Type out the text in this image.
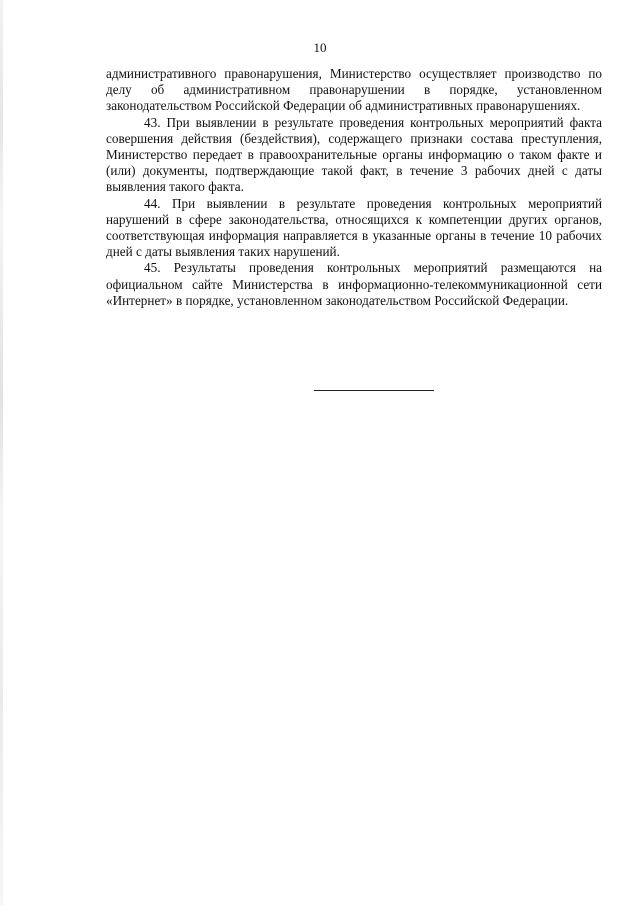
10

административного правонарушения, Министерство осуществляет производство по делу об административном правонарушении в порядке, установленном законодательством Российской Федерации об административных правонарушениях.

43. При выявлении в результате проведения контрольных мероприятий факта совершения действия (бездействия), содержащего признаки состава преступления, Министерство передает в правоохранительные органы информацию о таком факте и (или) документы, подтверждающие такой факт, в течение 3 рабочих дней с даты выявления такого факта.

44. При выявлении в результате проведения контрольных мероприятий нарушений в сфере законодательства, относящихся к компетенции других органов, соответствующая информация направляется в указанные органы в течение 10 рабочих дней с даты выявления таких нарушений.

45. Результаты проведения контрольных мероприятий размещаются на официальном сайте Министерства в информационно-телекоммуникационной сети «Интернет» в порядке, установленном законодательством Российской Федерации.
